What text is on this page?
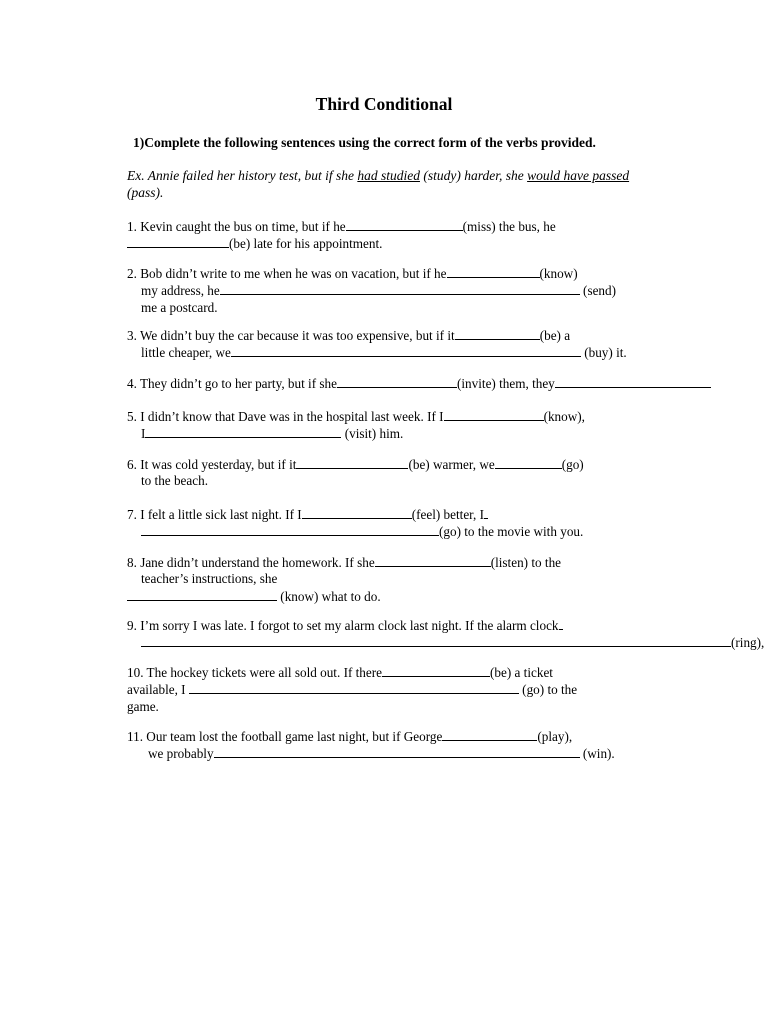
Third Conditional

1)Complete the following sentences using the correct form of the verbs provided.

Ex. Annie failed her history test, but if she had studied (study) harder, she would have passed (pass).

1. Kevin caught the bus on time, but if he	(miss) the bus, he
(be) late for his appointment.
2. Bob didn’t write to me when he was on vacation, but if he	(know)
my address, he	(send)
me a postcard.
3. We didn’t buy the car because it was too expensive, but if it	(be) a
little cheaper, we	(buy) it.
4. They didn’t go to her party, but if she	(invite) them, they
5. I didn’t know that Dave was in the hospital last week. If I	(know),
I	(visit) him.
6. It was cold yesterday, but if it	(be) warmer, we	(go)
to the beach.
7. I felt a little sick last night. If I	(feel) better, I
(go) to the movie with you.
8. Jane didn’t understand the homework. If she	(listen) to the
teacher’s instructions, she
(know) what to do.
9. I’m sorry I was late. I forgot to set my alarm clock last night. If the alarm clock
(ring),
10. The hockey tickets were all sold out. If there	(be) a ticket
available, I	(go) to the
game.
11. Our team lost the football game last night, but if George	(play),
we probably	(win).
